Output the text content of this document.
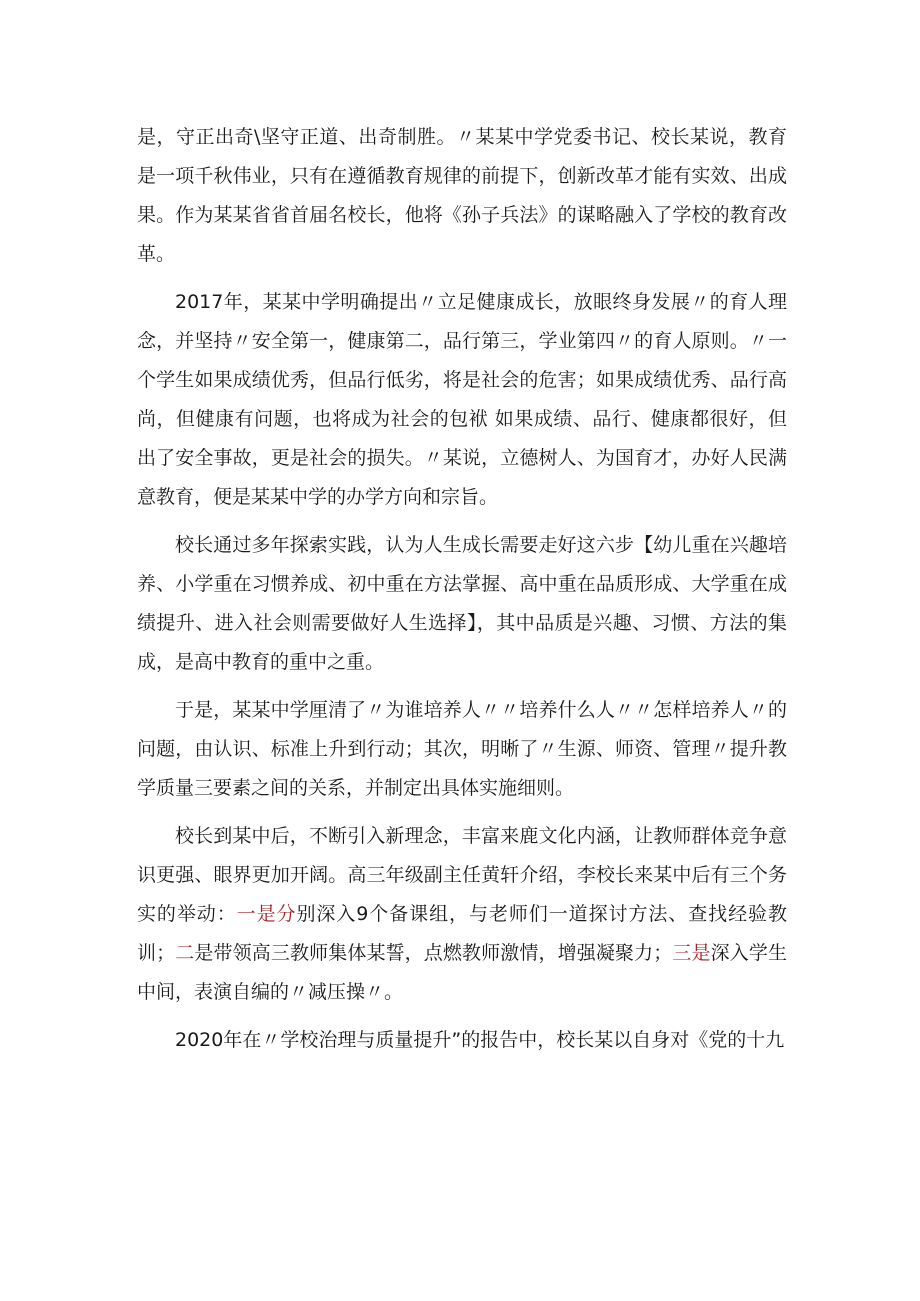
是，守正出奇\坚守正道、出奇制胜。〃某某中学党委书记、校长某说，教育是一项千秋伟业，只有在遵循教育规律的前提下，创新改革才能有实效、出成果。作为某某省省首届名校长，他将《孙子兵法》的谋略融入了学校的教育改革。

2017年，某某中学明确提出〃立足健康成长，放眼终身发展〃的育人理念，并坚持〃安全第一，健康第二，品行第三，学业第四〃的育人原则。〃一个学生如果成绩优秀，但品行低劣，将是社会的危害；如果成绩优秀、品行高尚，但健康有问题，也将成为社会的包袱 如果成绩、品行、健康都很好，但出了安全事故，更是社会的损失。〃某说，立德树人、为国育才，办好人民满意教育，便是某某中学的办学方向和宗旨。

校长通过多年探索实践，认为人生成长需要走好这六步【幼儿重在兴趣培养、小学重在习惯养成、初中重在方法掌握、高中重在品质形成、大学重在成绩提升、进入社会则需要做好人生选择】，其中品质是兴趣、习惯、方法的集成，是高中教育的重中之重。

于是，某某中学厘清了〃为谁培养人〃〃培养什么人〃〃怎样培养人〃的问题，由认识、标准上升到行动；其次，明晰了〃生源、师资、管理〃提升教学质量三要素之间的关系，并制定出具体实施细则。

校长到某中后，不断引入新理念，丰富来鹿文化内涵，让教师群体竞争意识更强、眼界更加开阔。高三年级副主任黄轩介绍，李校长来某中后有三个务实的举动：一是分别深入9个备课组，与老师们一道探讨方法、查找经验教训；二是带领高三教师集体某誓，点燃教师激情，增强凝聚力；三是深入学生中间，表演自编的〃减压操〃。

2020年在〃学校治理与质量提升”的报告中，校长某以自身对《党的十九
